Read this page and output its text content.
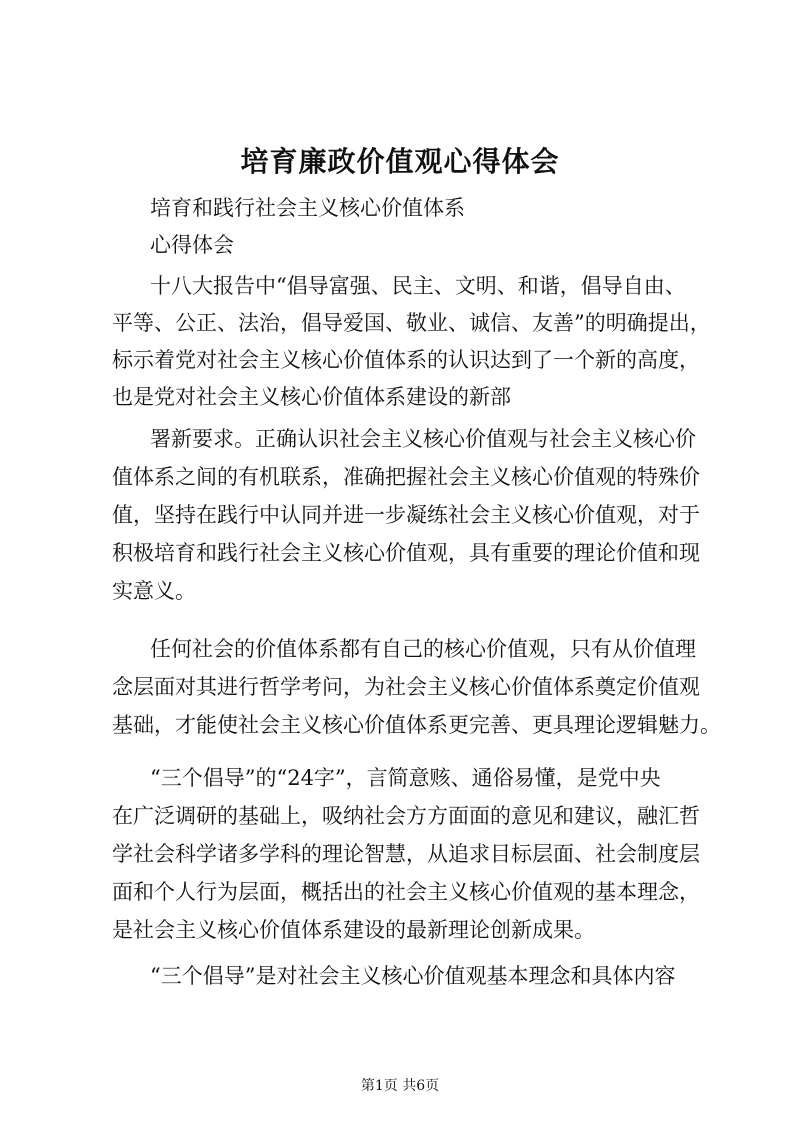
培育廉政价值观心得体会
培育和践行社会主义核心价值体系
心得体会
十八大报告中“倡导富强、民主、文明、和谐，倡导自由、
平等、公正、法治，倡导爱国、敬业、诚信、友善”的明确提出，
标示着党对社会主义核心价值体系的认识达到了一个新的高度，
也是党对社会主义核心价值体系建设的新部
署新要求。正确认识社会主义核心价值观与社会主义核心价
值体系之间的有机联系，准确把握社会主义核心价值观的特殊价
值，坚持在践行中认同并进一步凝练社会主义核心价值观，对于
积极培育和践行社会主义核心价值观，具有重要的理论价值和现
实意义。
任何社会的价值体系都有自己的核心价值观，只有从价值理
念层面对其进行哲学考问，为社会主义核心价值体系奠定价值观
基础，才能使社会主义核心价值体系更完善、更具理论逻辑魅力。
“三个倡导”的“24字”，言简意赅、通俗易懂，是党中央
在广泛调研的基础上，吸纳社会方方面面的意见和建议，融汇哲
学社会科学诸多学科的理论智慧，从追求目标层面、社会制度层
面和个人行为层面，概括出的社会主义核心价值观的基本理念，
是社会主义核心价值体系建设的最新理论创新成果。
“三个倡导”是对社会主义核心价值观基本理念和具体内容
第1页 共6页
